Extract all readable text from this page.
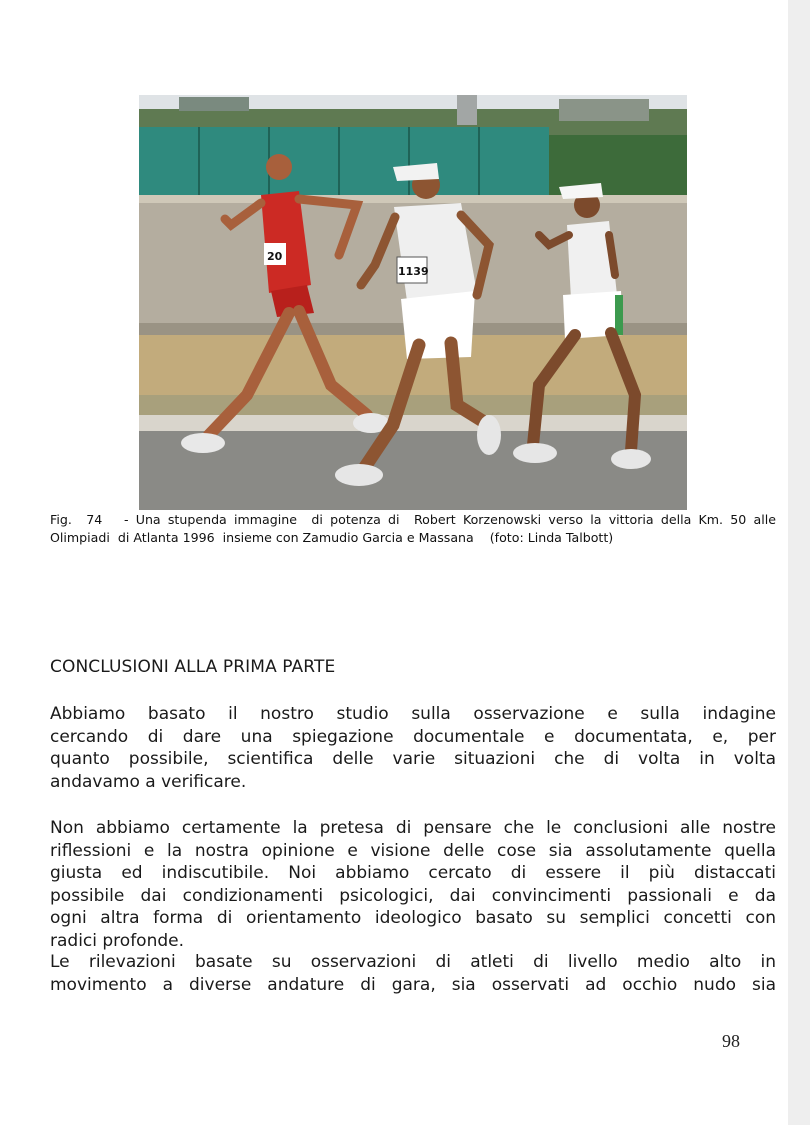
20
1139
Fig.  74   - Una stupenda immagine  di potenza di  Robert Korzenowski verso la vittoria della Km. 50 alle
Olimpiadi  di Atlanta 1996  insieme con Zamudio Garcia e Massana    (foto: Linda Talbott)
CONCLUSIONI ALLA PRIMA PARTE
Abbiamo basato il nostro studio sulla osservazione e sulla indagine
cercando di dare una spiegazione documentale e documentata, e, per
quanto possibile, scientifica delle varie situazioni che di volta in volta
andavamo a verificare.
Non abbiamo certamente la pretesa di pensare che le conclusioni alle nostre
riflessioni e la nostra opinione e visione delle cose sia assolutamente quella
giusta ed indiscutibile. Noi abbiamo cercato di essere il più distaccati
possibile dai condizionamenti psicologici, dai convincimenti passionali e da
ogni altra forma di orientamento ideologico basato su semplici concetti con
radici profonde.
Le rilevazioni basate su osservazioni di atleti di livello medio alto in
movimento a diverse andature di gara, sia osservati ad occhio nudo sia
98
